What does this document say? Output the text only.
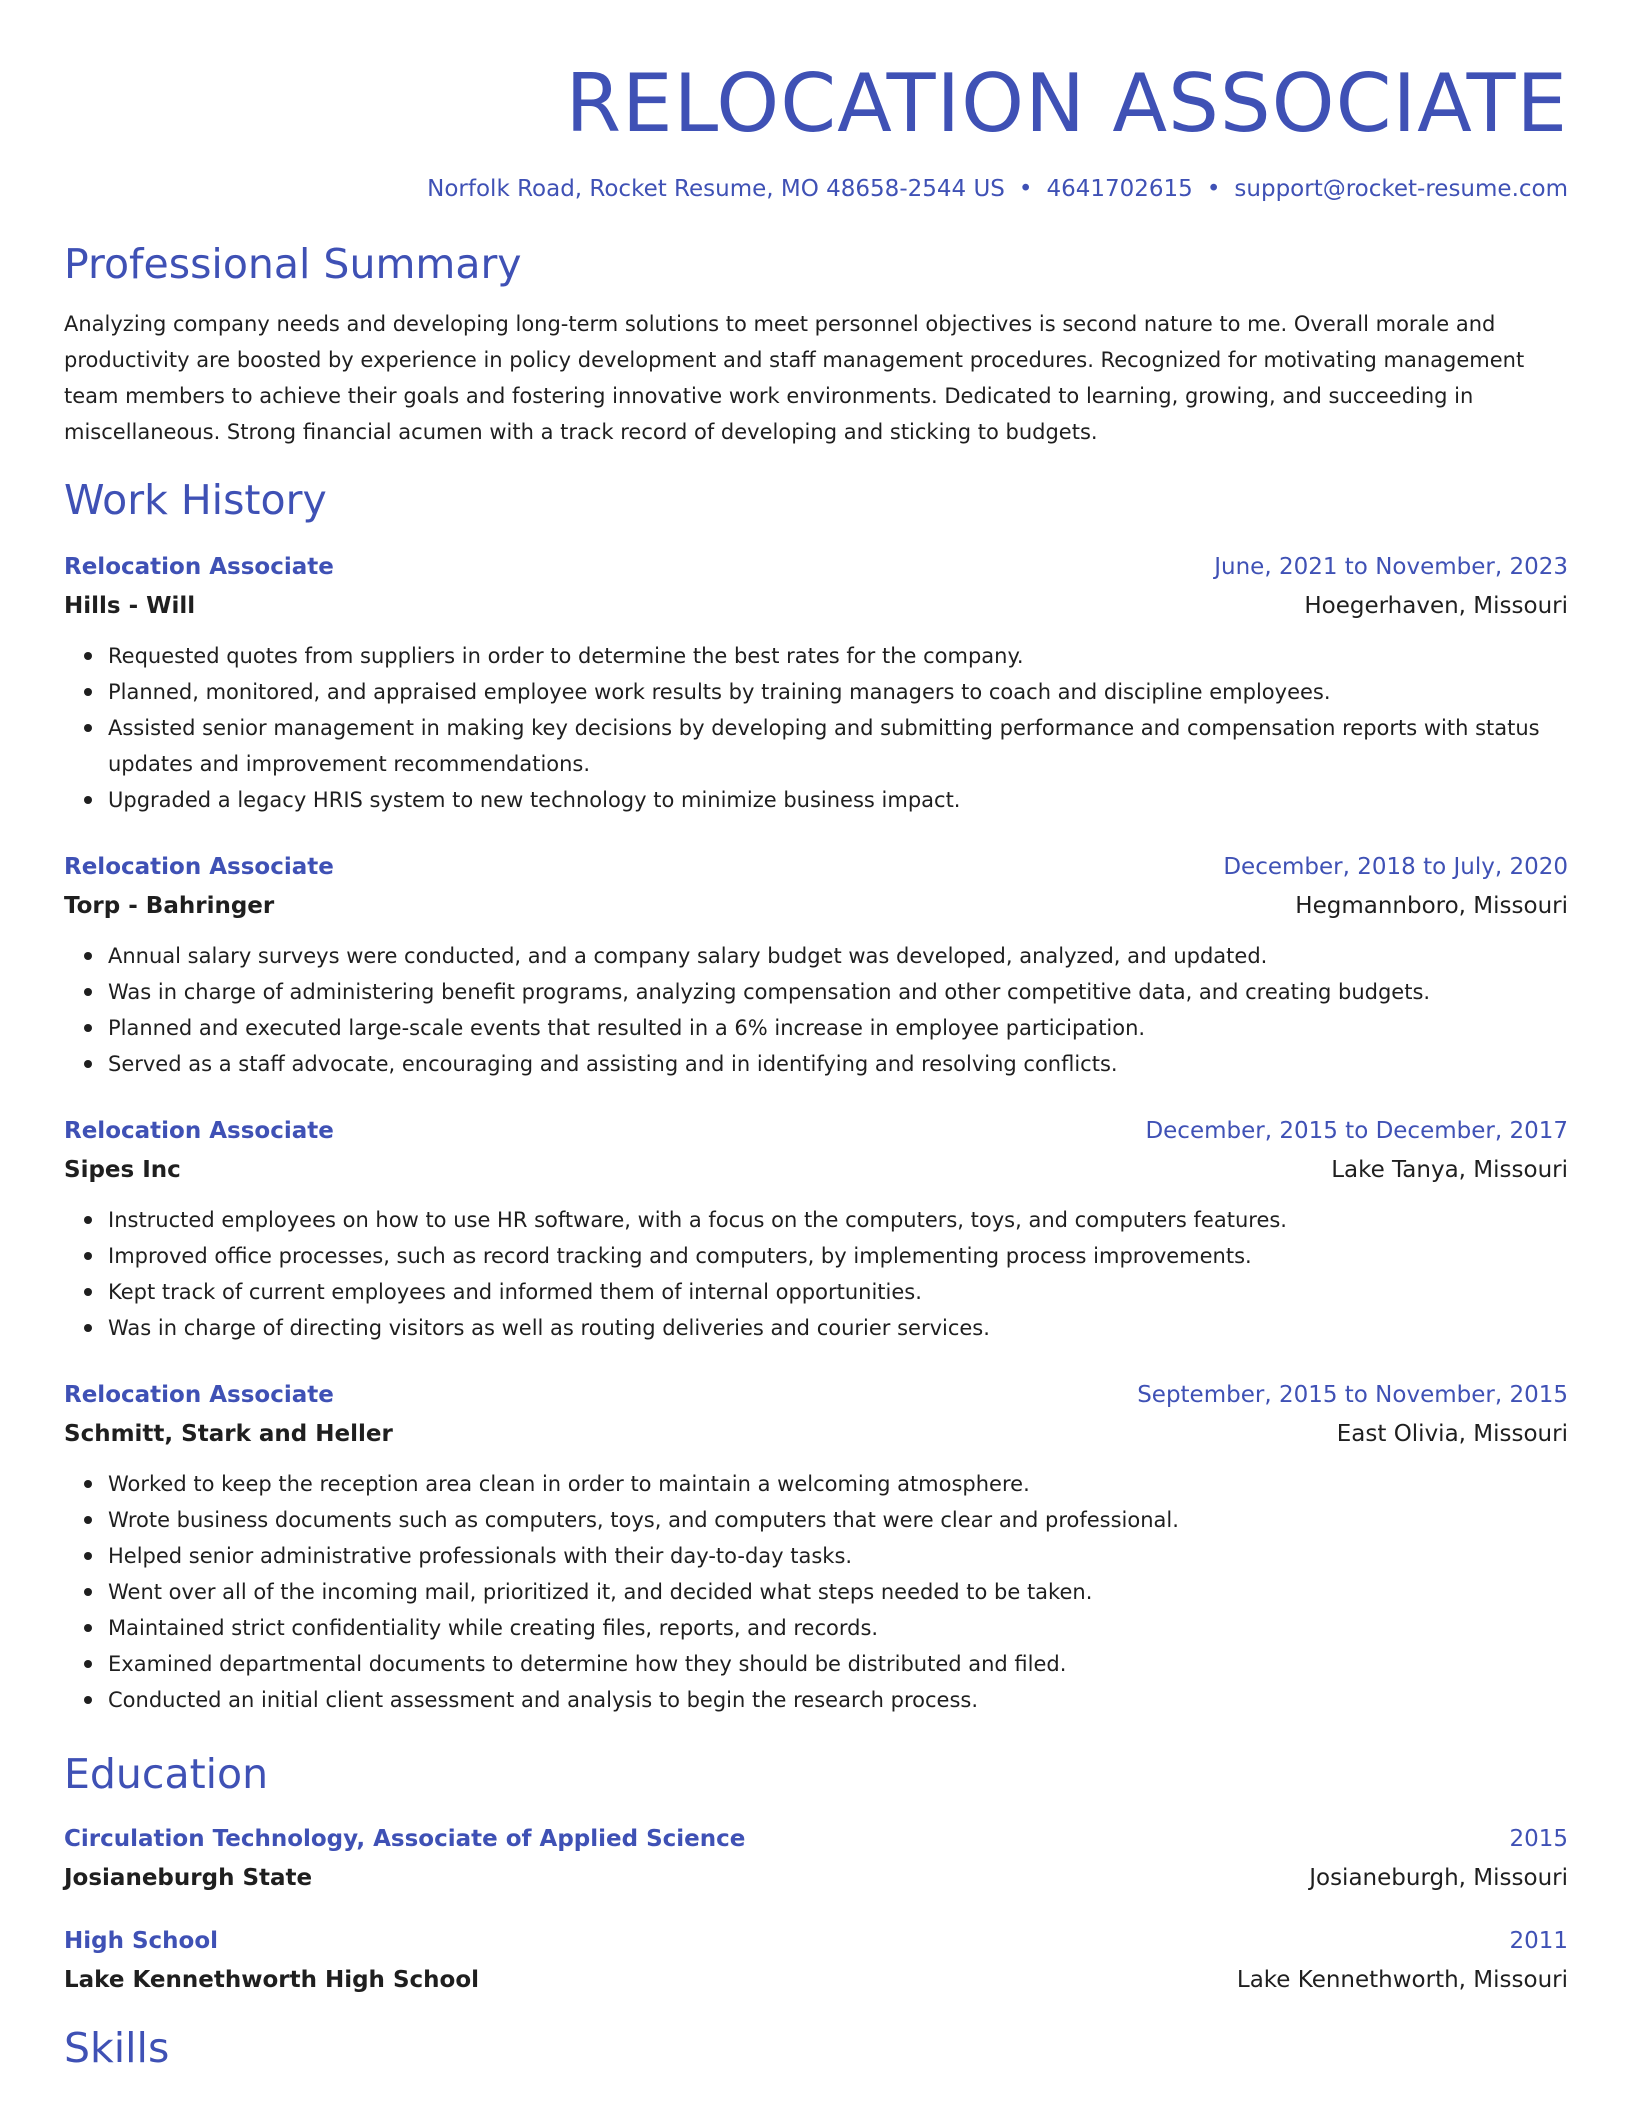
RELOCATION ASSOCIATE
Norfolk Road, Rocket Resume, MO 48658-2544 US • 4641702615 • support@rocket-resume.com
Professional Summary
Analyzing company needs and developing long-term solutions to meet personnel objectives is second nature to me. Overall morale and productivity are boosted by experience in policy development and staff management procedures. Recognized for motivating management team members to achieve their goals and fostering innovative work environments. Dedicated to learning, growing, and succeeding in miscellaneous. Strong financial acumen with a track record of developing and sticking to budgets.
Work History
Relocation Associate	June, 2021 to November, 2023
Hills - Will	Hoegerhaven, Missouri
Requested quotes from suppliers in order to determine the best rates for the company.
Planned, monitored, and appraised employee work results by training managers to coach and discipline employees.
Assisted senior management in making key decisions by developing and submitting performance and compensation reports with status updates and improvement recommendations.
Upgraded a legacy HRIS system to new technology to minimize business impact.
Relocation Associate	December, 2018 to July, 2020
Torp - Bahringer	Hegmannboro, Missouri
Annual salary surveys were conducted, and a company salary budget was developed, analyzed, and updated.
Was in charge of administering benefit programs, analyzing compensation and other competitive data, and creating budgets.
Planned and executed large-scale events that resulted in a 6% increase in employee participation.
Served as a staff advocate, encouraging and assisting and in identifying and resolving conflicts.
Relocation Associate	December, 2015 to December, 2017
Sipes Inc	Lake Tanya, Missouri
Instructed employees on how to use HR software, with a focus on the computers, toys, and computers features.
Improved office processes, such as record tracking and computers, by implementing process improvements.
Kept track of current employees and informed them of internal opportunities.
Was in charge of directing visitors as well as routing deliveries and courier services.
Relocation Associate	September, 2015 to November, 2015
Schmitt, Stark and Heller	East Olivia, Missouri
Worked to keep the reception area clean in order to maintain a welcoming atmosphere.
Wrote business documents such as computers, toys, and computers that were clear and professional.
Helped senior administrative professionals with their day-to-day tasks.
Went over all of the incoming mail, prioritized it, and decided what steps needed to be taken.
Maintained strict confidentiality while creating files, reports, and records.
Examined departmental documents to determine how they should be distributed and filed.
Conducted an initial client assessment and analysis to begin the research process.
Education
Circulation Technology, Associate of Applied Science	2015
Josianeburgh State	Josianeburgh, Missouri
High School	2011
Lake Kennethworth High School	Lake Kennethworth, Missouri
Skills
